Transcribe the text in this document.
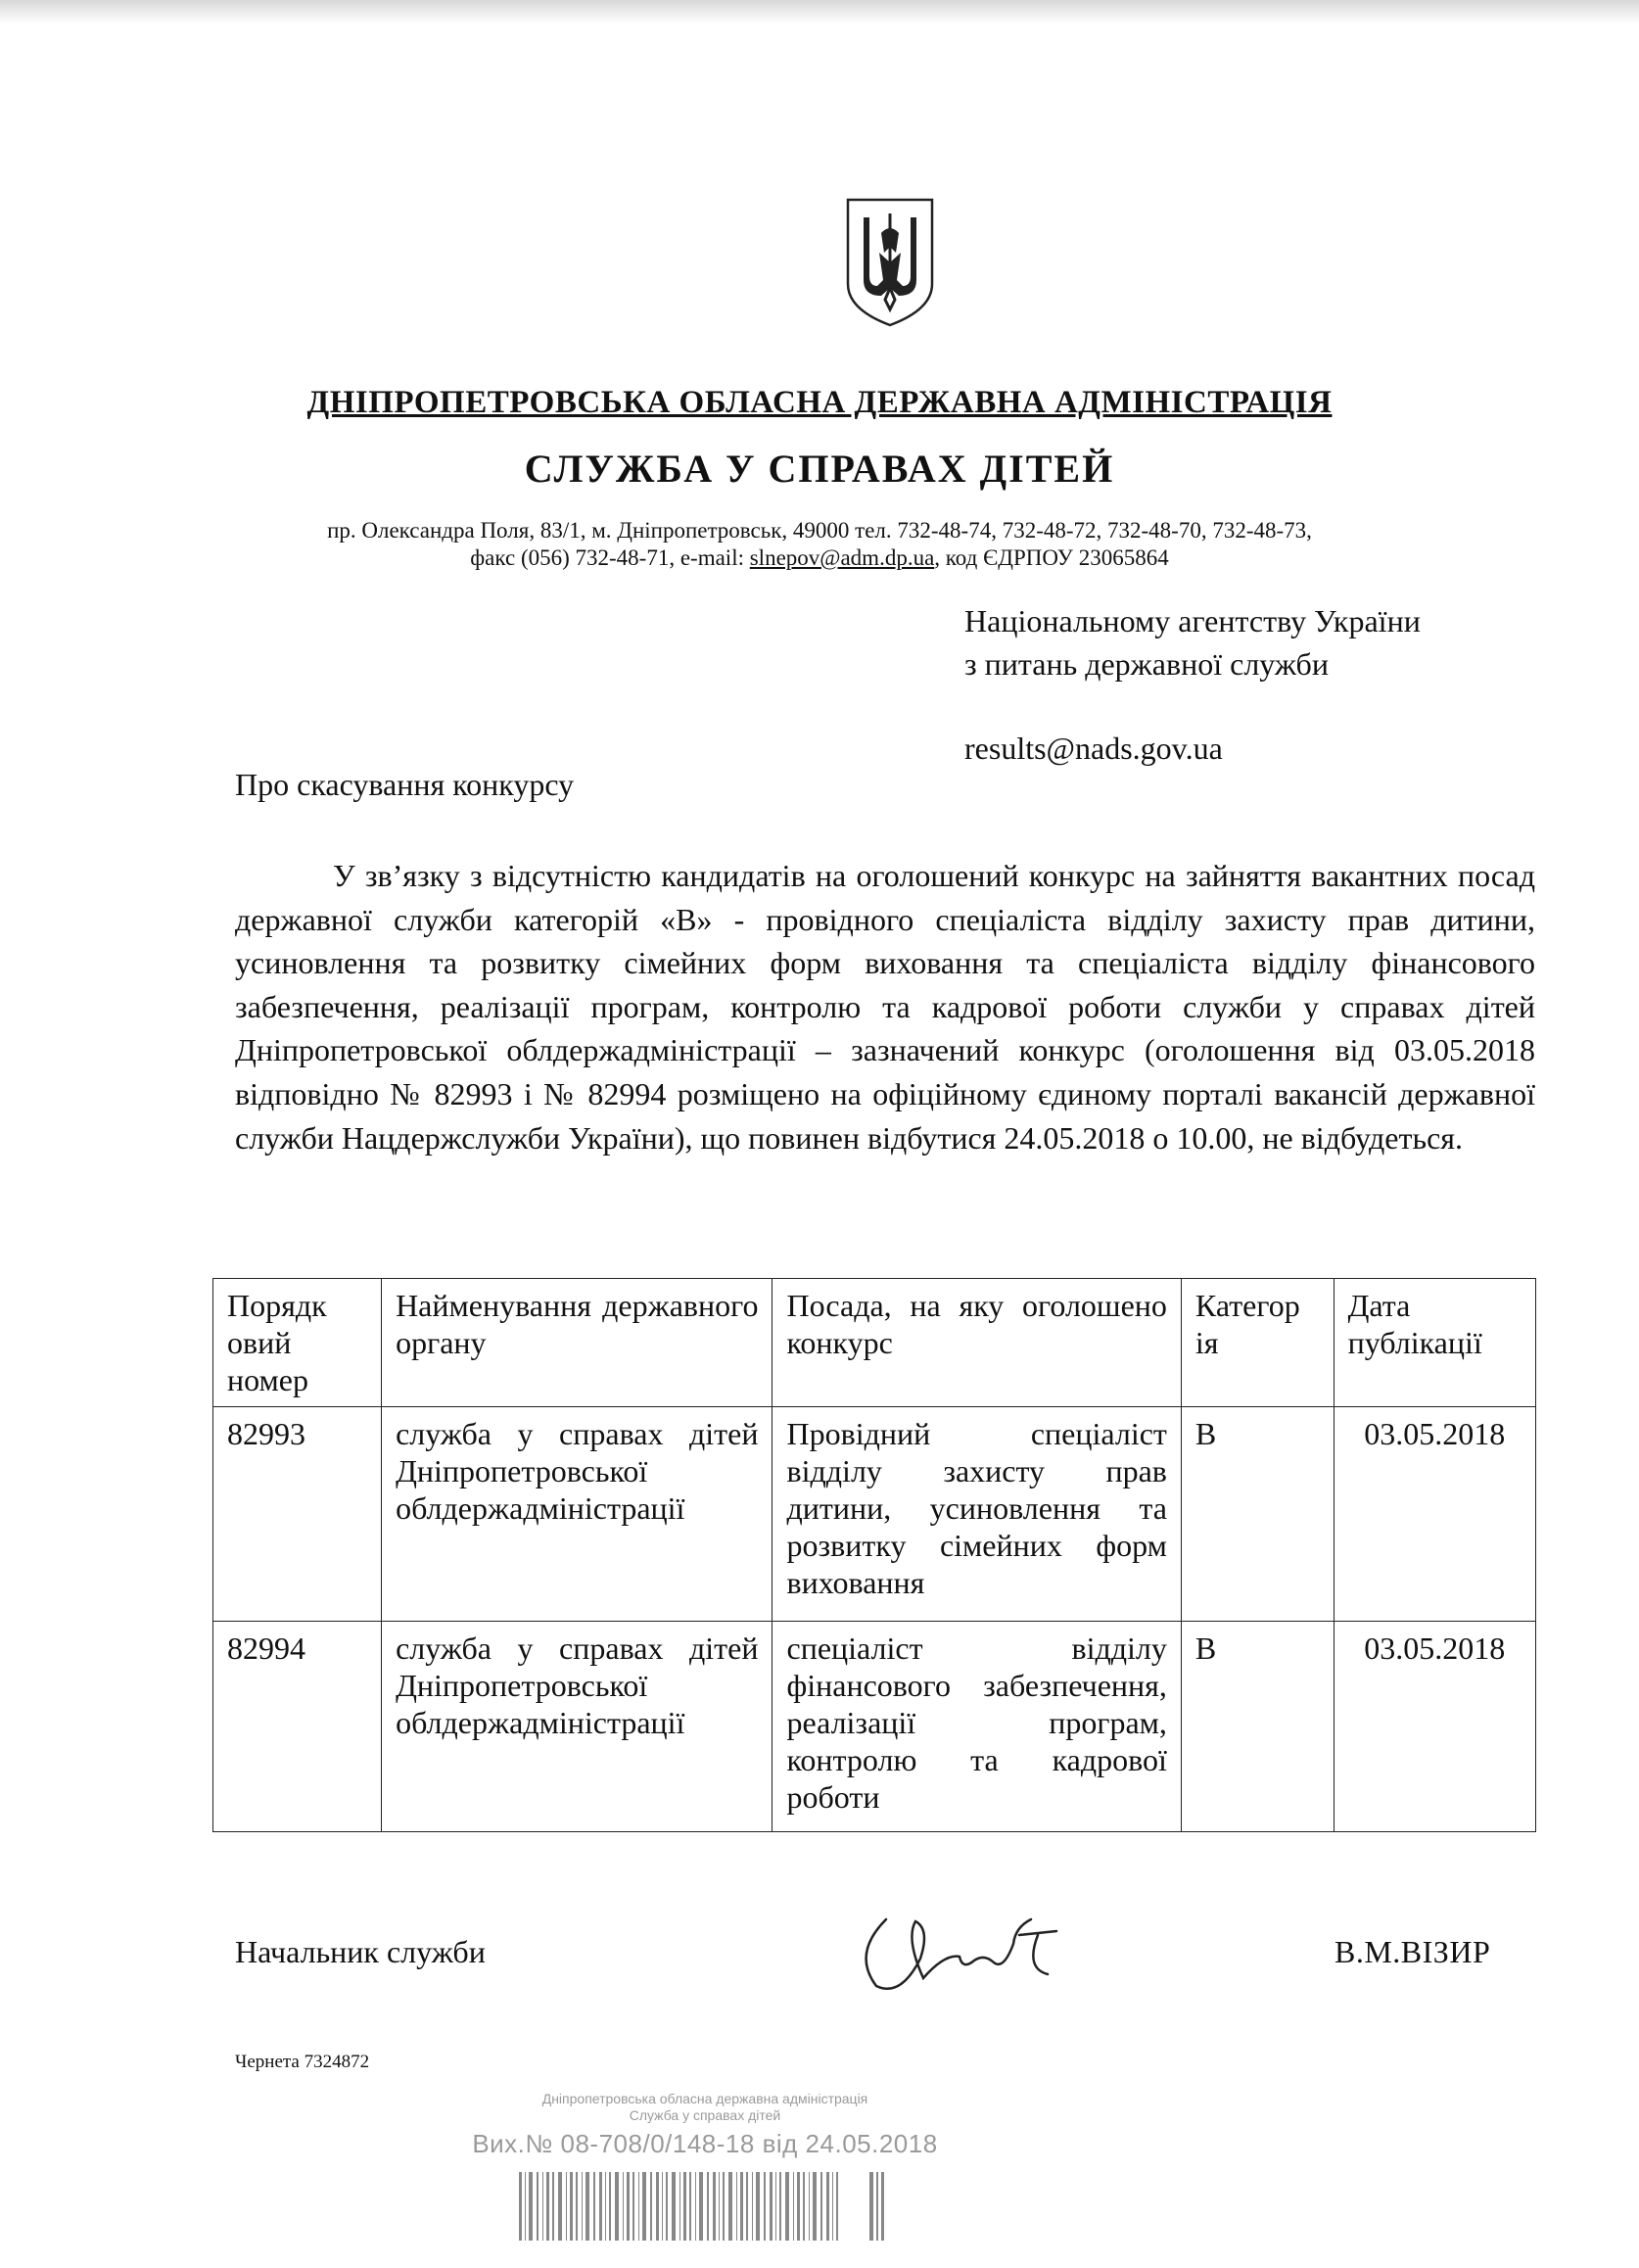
ДНІПРОПЕТРОВСЬКА ОБЛАСНА ДЕРЖАВНА АДМІНІСТРАЦІЯ
СЛУЖБА У СПРАВАХ ДІТЕЙ
пр. Олександра Поля, 83/1, м. Дніпропетровськ, 49000 тел. 732-48-74, 732-48-72, 732-48-70, 732-48-73,
факс (056) 732-48-71, e-mail: slnepov@adm.dp.ua, код ЄДРПОУ 23065864
Національному агентству України
з питань державної служби
results@nads.gov.ua
Про скасування конкурсу

У зв’язку з відсутністю кандидатів на оголошений конкурс на зайняття вакантних посад державної служби категорій «В» - провідного спеціаліста відділу захисту прав дитини, усиновлення та розвитку сімейних форм виховання та спеціаліста відділу фінансового забезпечення, реалізації програм, контролю та кадрової роботи служби у справах дітей Дніпропетровської облдержадміністрації – зазначений конкурс (оголошення від 03.05.2018 відповідно № 82993 і № 82994 розміщено на офіційному єдиному порталі вакансій державної служби Нацдержслужби України), що повинен відбутися 24.05.2018 о 10.00, не відбудеться.

Порядк овий номер	Найменування державного органу	Посада, на яку оголошено конкурс	Категор ія	Дата публікації
82993	служба у справах дітей Дніпропетровської облдержадміністрації	Провідний спеціаліст відділу захисту прав дитини, усиновлення та розвитку сімейних форм виховання	В	03.05.2018
82994	служба у справах дітей Дніпропетровської облдержадміністрації	спеціаліст відділу фінансового забезпечення, реалізації програм, контролю та кадрової роботи	В	03.05.2018
Начальник служби	В.М.ВІЗИР
Чернета 7324872
Дніпропетровська обласна державна адміністрація
Служба у справах дітей
Вих.№ 08-708/0/148-18 від 24.05.2018
